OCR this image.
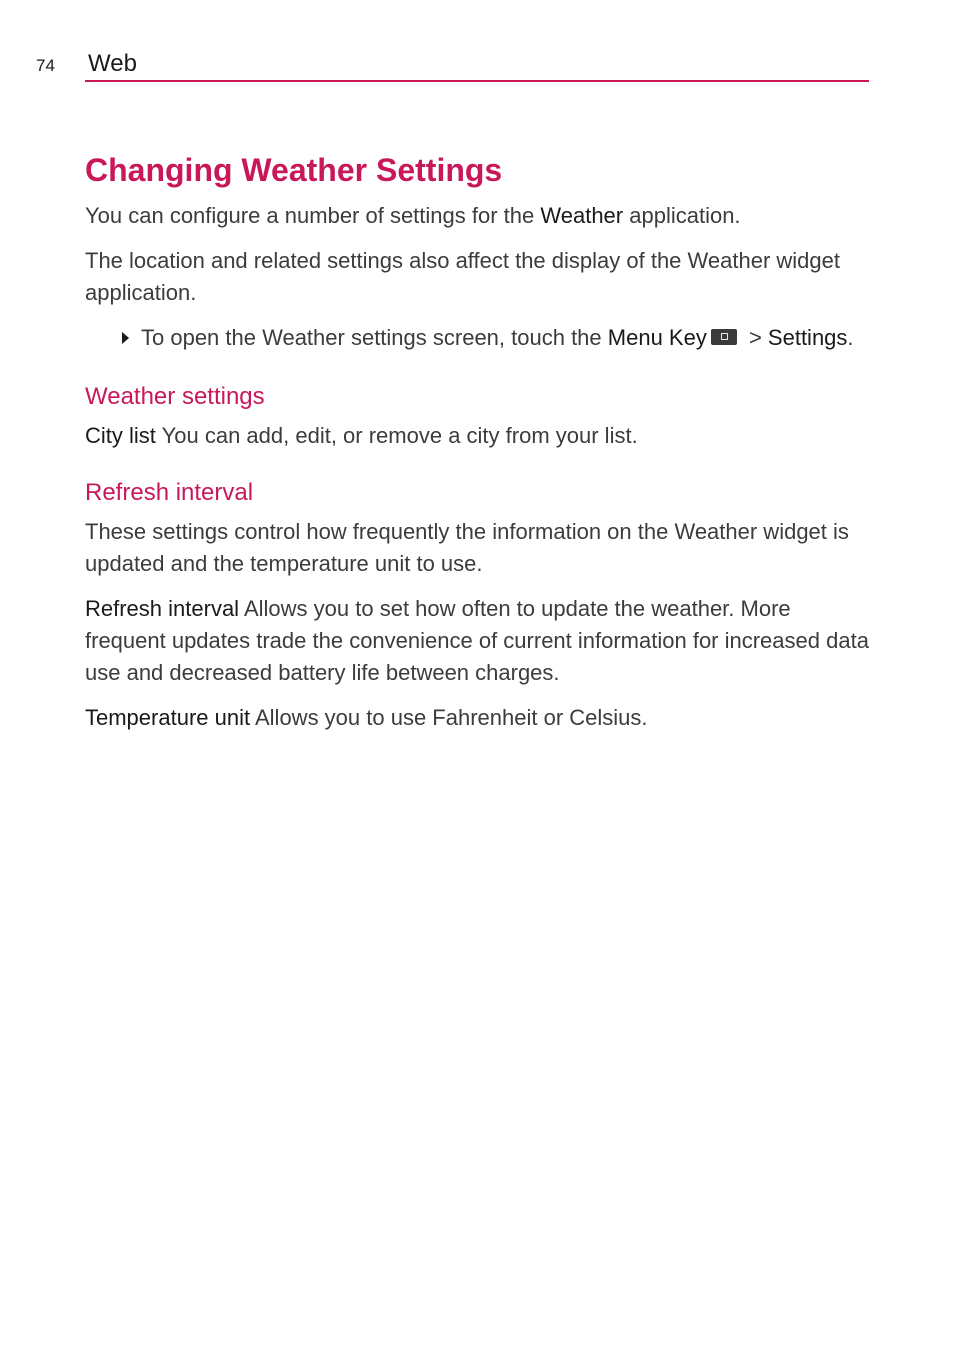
74 Web
Changing Weather Settings

You can configure a number of settings for the Weather application.

The location and related settings also affect the display of the Weather widget application.

To open the Weather settings screen, touch the Menu Key > Settings.
Weather settings

City list You can add, edit, or remove a city from your list.

Refresh interval

These settings control how frequently the information on the Weather widget is updated and the temperature unit to use.

Refresh interval Allows you to set how often to update the weather. More frequent updates trade the convenience of current information for increased data use and decreased battery life between charges.

Temperature unit Allows you to use Fahrenheit or Celsius.
